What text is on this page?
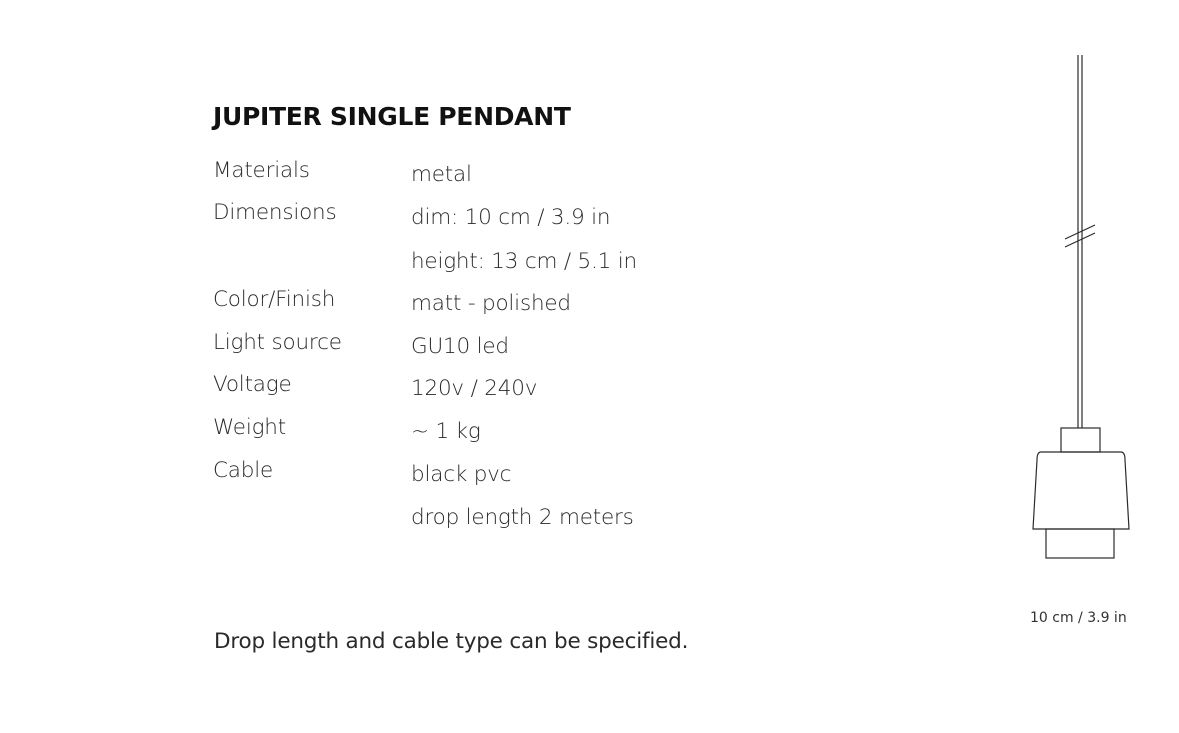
JUPITER SINGLE PENDANT
Materials	metal
Dimensions	dim: 10 cm / 3.9 in
height: 13 cm / 5.1 in
Color/Finish	matt - polished
Light source	GU10 led
Voltage	120v / 240v
Weight	~ 1 kg
Cable	black pvc
drop length 2 meters
Drop length and cable type can be specified.
10 cm / 3.9 in
